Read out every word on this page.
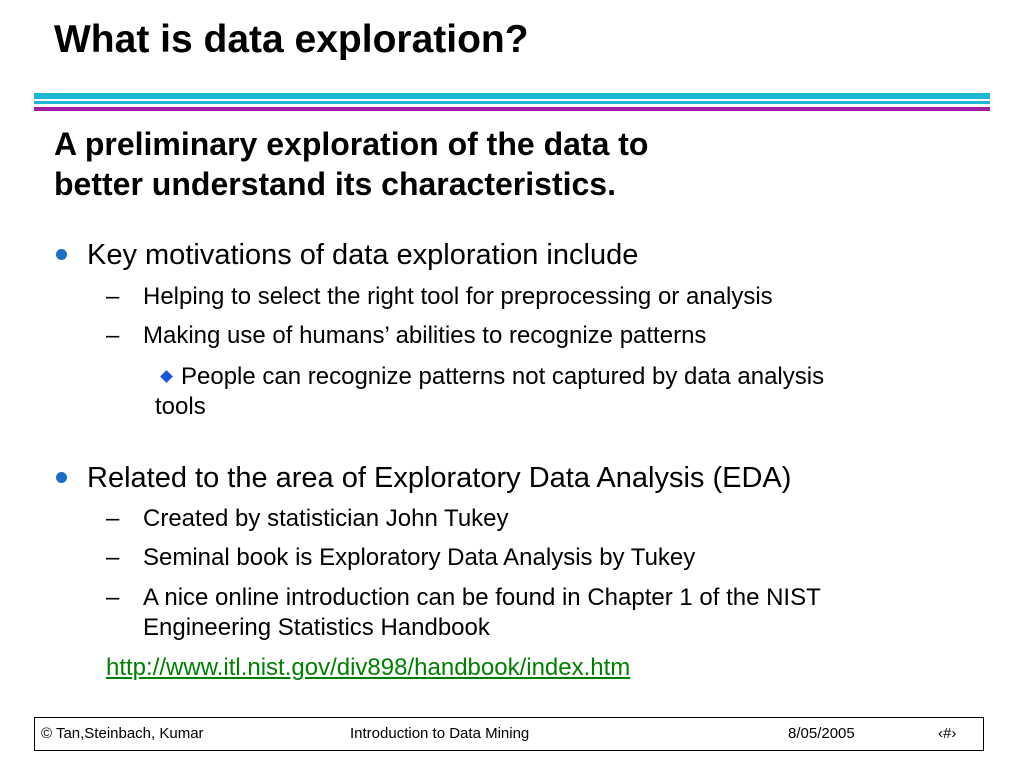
What is data exploration?
A preliminary exploration of the data to
better understand its characteristics.
Key motivations of data exploration include
– Helping to select the right tool for preprocessing or analysis
– Making use of humans’ abilities to recognize patterns
People can recognize patterns not captured by data analysis
tools
Related to the area of Exploratory Data Analysis (EDA)
– Created by statistician John Tukey
– Seminal book is Exploratory Data Analysis by Tukey
– A nice online introduction can be found in Chapter 1 of the NIST
Engineering Statistics Handbook
http://www.itl.nist.gov/div898/handbook/index.htm
© Tan,Steinbach, Kumar	Introduction to Data Mining	8/05/2005	‹#›
